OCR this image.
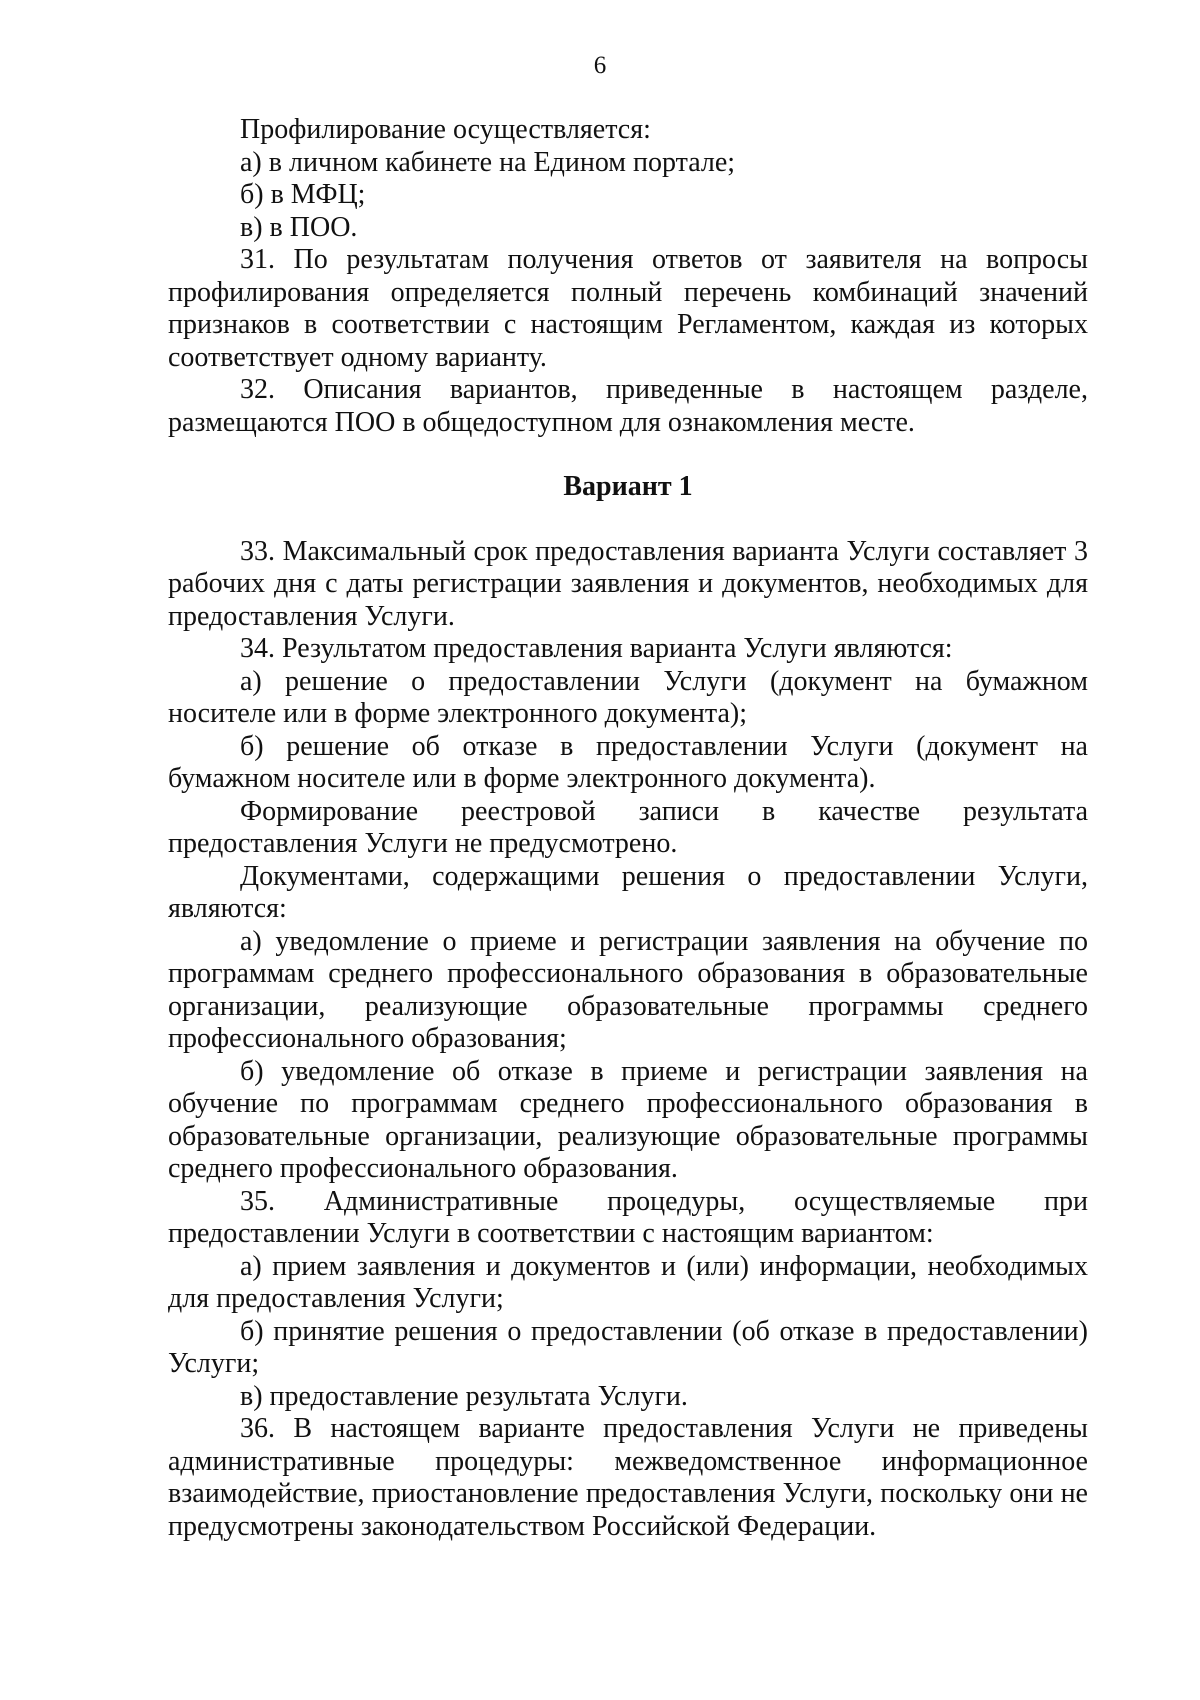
6

Профилирование осуществляется:

а) в личном кабинете на Едином портале;

б) в МФЦ;

в) в ПОО.

31. По результатам получения ответов от заявителя на вопросы профилирования определяется полный перечень комбинаций значений признаков в соответствии с настоящим Регламентом, каждая из которых соответствует одному варианту.

32. Описания вариантов, приведенные в настоящем разделе, размещаются ПОО в общедоступном для ознакомления месте.

Вариант 1

33. Максимальный срок предоставления варианта Услуги составляет 3 рабочих дня с даты регистрации заявления и документов, необходимых для предоставления Услуги.

34. Результатом предоставления варианта Услуги являются:

а) решение о предоставлении Услуги (документ на бумажном носителе или в форме электронного документа);

б) решение об отказе в предоставлении Услуги (документ на бумажном носителе или в форме электронного документа).

Формирование реестровой записи в качестве результата предоставления Услуги не предусмотрено.

Документами, содержащими решения о предоставлении Услуги, являются:

а) уведомление о приеме и регистрации заявления на обучение по программам среднего профессионального образования в образовательные организации, реализующие образовательные программы среднего профессионального образования;

б) уведомление об отказе в приеме и регистрации заявления на обучение по программам среднего профессионального образования в образовательные организации, реализующие образовательные программы среднего профессионального образования.

35. Административные процедуры, осуществляемые при предоставлении Услуги в соответствии с настоящим вариантом:

а) прием заявления и документов и (или) информации, необходимых для предоставления Услуги;

б) принятие решения о предоставлении (об отказе в предоставлении) Услуги;

в) предоставление результата Услуги.

36. В настоящем варианте предоставления Услуги не приведены административные процедуры: межведомственное информационное взаимодействие, приостановление предоставления Услуги, поскольку они не предусмотрены законодательством Российской Федерации.
